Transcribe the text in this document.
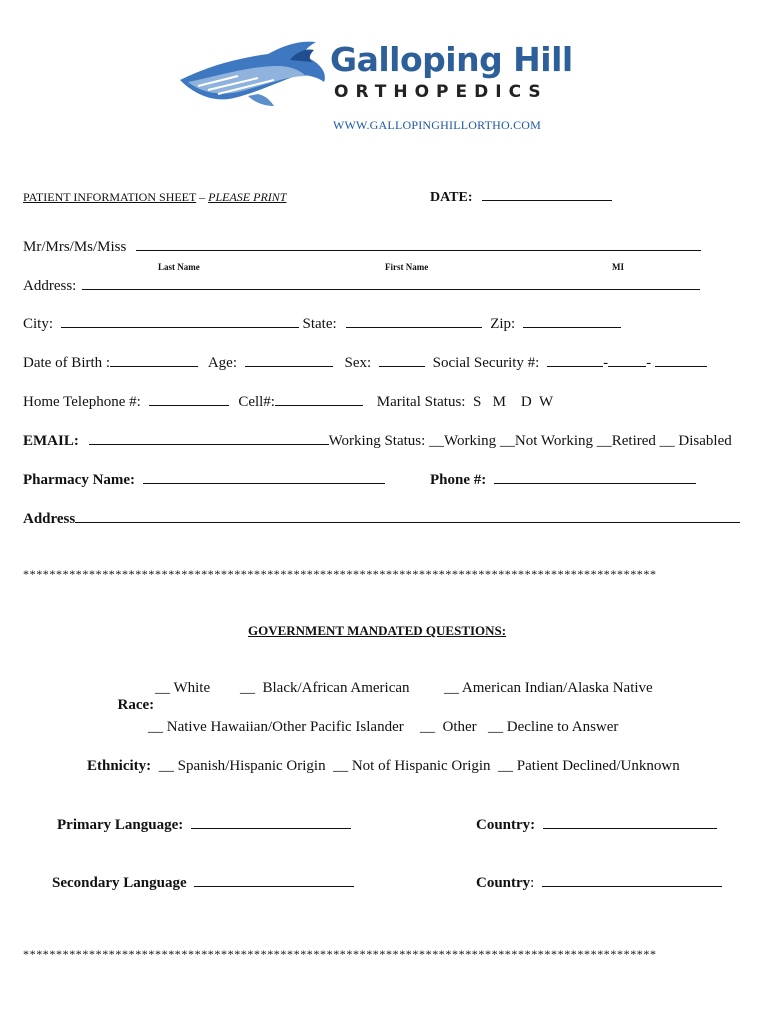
Galloping Hill
ORTHOPEDICS
WWW.GALLOPINGHILLORTHO.COM
PATIENT INFORMATION SHEET – PLEASE PRINT	DATE:
Mr/Mrs/Ms/Miss
Last Name	First Name	MI
Address:
City:	State:	Zip:
Date of Birth :	Age:	Sex:	Social Security #:	-	-
Home Telephone #:	Cell#:	Marital Status:  S   M    D  W
EMAIL:	Working Status: __Working __Not Working __Retired __ Disabled
Pharmacy Name:	Phone #:
Address
************************************************************************************************
GOVERNMENT MANDATED QUESTIONS:

Race:

__ White __  Black/African American __ American Indian/Alaska Native
__ Native Hawaiian/Other Pacific Islander __  Other __ Decline to Answer
Ethnicity: __ Spanish/Hispanic Origin  __ Not of Hispanic Origin  __ Patient Declined/Unknown
Primary Language:	Country:
Secondary Language	Country:
************************************************************************************************
